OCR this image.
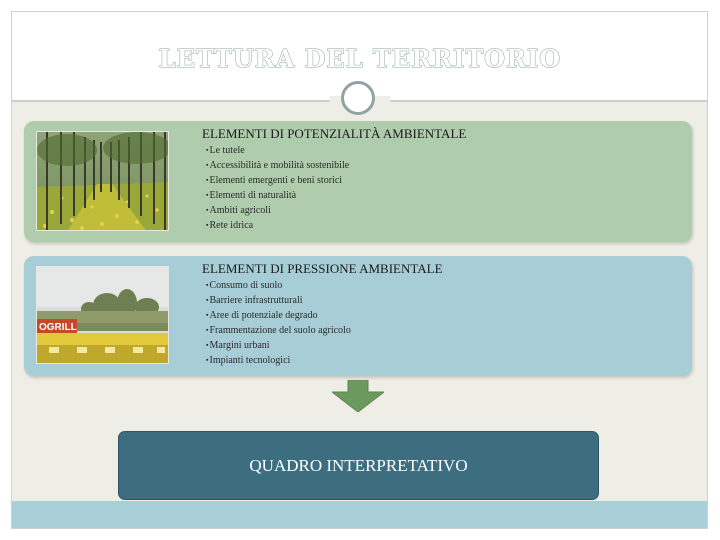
LETTURA DEL TERRITORIO
ELEMENTI DI POTENZIALITÀ AMBIENTALE
▪ Le tutele
▪ Accessibilità e mobilità sostenibile
▪ Elementi emergenti e beni storici
▪ Elementi di naturalità
▪ Ambiti agricoli
▪ Rete idrica
OGRILL
ELEMENTI DI PRESSIONE AMBIENTALE
▪ Consumo di suolo
▪ Barriere infrastrutturali
▪ Aree di potenziale degrado
▪ Frammentazione del suolo agricolo
▪ Margini urbani
▪ Impianti tecnologici
QUADRO INTERPRETATIVO
